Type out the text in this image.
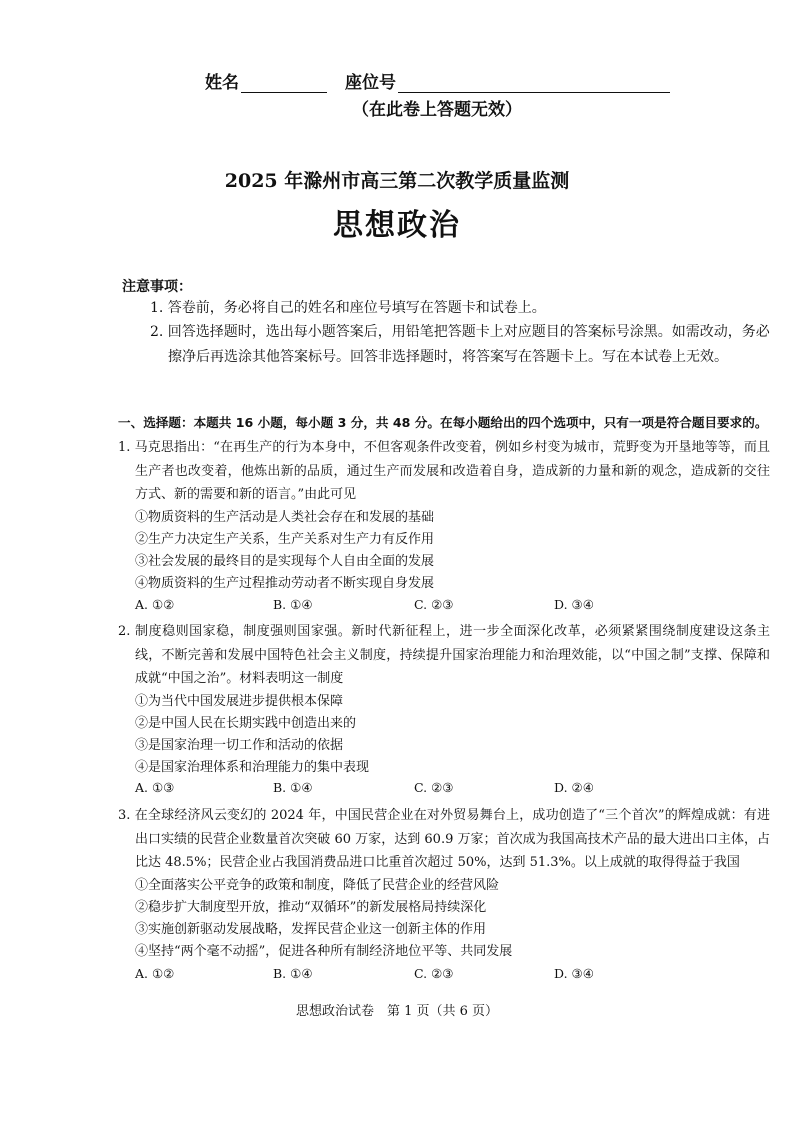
姓名	座位号
（在此卷上答题无效）
2025 年滁州市高三第二次教学质量监测
思想政治
注意事项：
1. 答卷前，务必将自己的姓名和座位号填写在答题卡和试卷上。
2. 回答选择题时，选出每小题答案后，用铅笔把答题卡上对应题目的答案标号涂黑。如需改动，务必擦净后再选涂其他答案标号。回答非选择题时，将答案写在答题卡上。写在本试卷上无效。
一、选择题：本题共 16 小题，每小题 3 分，共 48 分。在每小题给出的四个选项中，只有一项是符合题目要求的。
1. 马克思指出：“在再生产的行为本身中，不但客观条件改变着，例如乡村变为城市，荒野变为开垦地等等，而且生产者也改变着，他炼出新的品质，通过生产而发展和改造着自身，造成新的力量和新的观念，造成新的交往方式、新的需要和新的语言。”由此可见
①物质资料的生产活动是人类社会存在和发展的基础
②生产力决定生产关系，生产关系对生产力有反作用
③社会发展的最终目的是实现每个人自由全面的发展
④物质资料的生产过程推动劳动者不断实现自身发展
A. ①②	B. ①④	C. ②③	D. ③④
2. 制度稳则国家稳，制度强则国家强。新时代新征程上，进一步全面深化改革，必须紧紧围绕制度建设这条主线，不断完善和发展中国特色社会主义制度，持续提升国家治理能力和治理效能，以“中国之制”支撑、保障和成就“中国之治”。材料表明这一制度
①为当代中国发展进步提供根本保障
②是中国人民在长期实践中创造出来的
③是国家治理一切工作和活动的依据
④是国家治理体系和治理能力的集中表现
A. ①③	B. ①④	C. ②③	D. ②④
3. 在全球经济风云变幻的 2024 年，中国民营企业在对外贸易舞台上，成功创造了“三个首次”的辉煌成就：有进出口实绩的民营企业数量首次突破 60 万家，达到 60.9 万家；首次成为我国高技术产品的最大进出口主体，占比达 48.5%；民营企业占我国消费品进口比重首次超过 50%，达到 51.3%。以上成就的取得得益于我国
①全面落实公平竞争的政策和制度，降低了民营企业的经营风险
②稳步扩大制度型开放，推动“双循环”的新发展格局持续深化
③实施创新驱动发展战略，发挥民营企业这一创新主体的作用
④坚持“两个毫不动摇”，促进各种所有制经济地位平等、共同发展
A. ①②	B. ①④	C. ②③	D. ③④
思想政治试卷　第 1 页（共 6 页）
